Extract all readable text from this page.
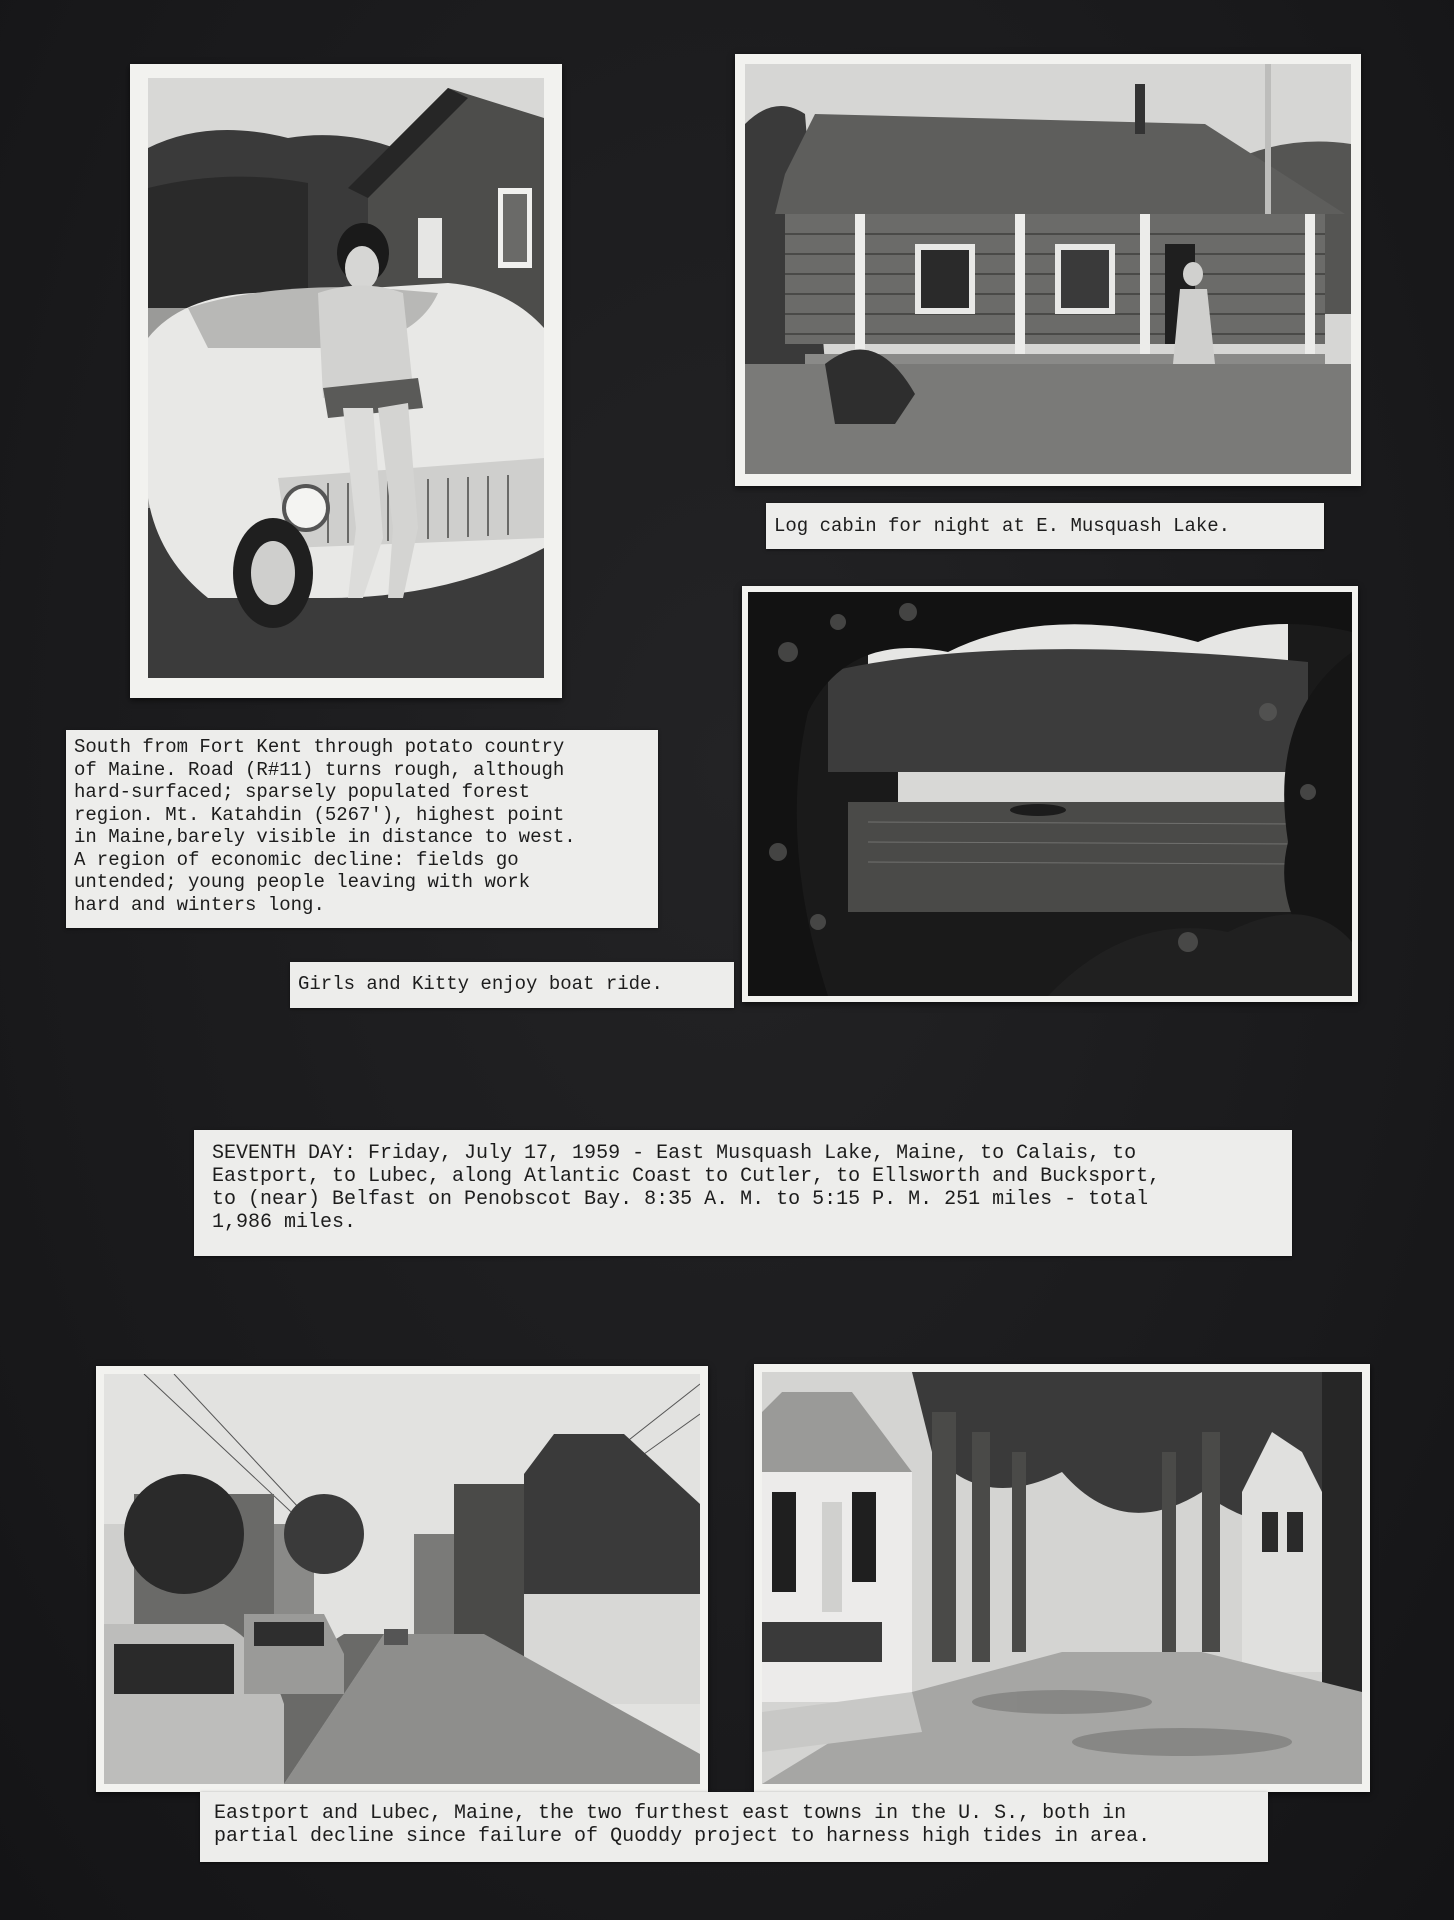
Log cabin for night at E. Musquash Lake.
South from Fort Kent through potato country
of Maine. Road (R#11) turns rough, although
hard-surfaced; sparsely populated forest
region. Mt. Katahdin (5267'), highest point
in Maine,barely visible in distance to west.
A region of economic decline: fields go
untended; young people leaving with work
hard and winters long.
Girls and Kitty enjoy boat ride.
SEVENTH DAY: Friday, July 17, 1959 - East Musquash Lake, Maine, to Calais, to
Eastport, to Lubec, along Atlantic Coast to Cutler, to Ellsworth and Bucksport,
to (near) Belfast on Penobscot Bay. 8:35 A. M. to 5:15 P. M. 251 miles - total
1,986 miles.
Eastport and Lubec, Maine, the two furthest east towns in the U. S., both in
partial decline since failure of Quoddy project to harness high tides in area.
